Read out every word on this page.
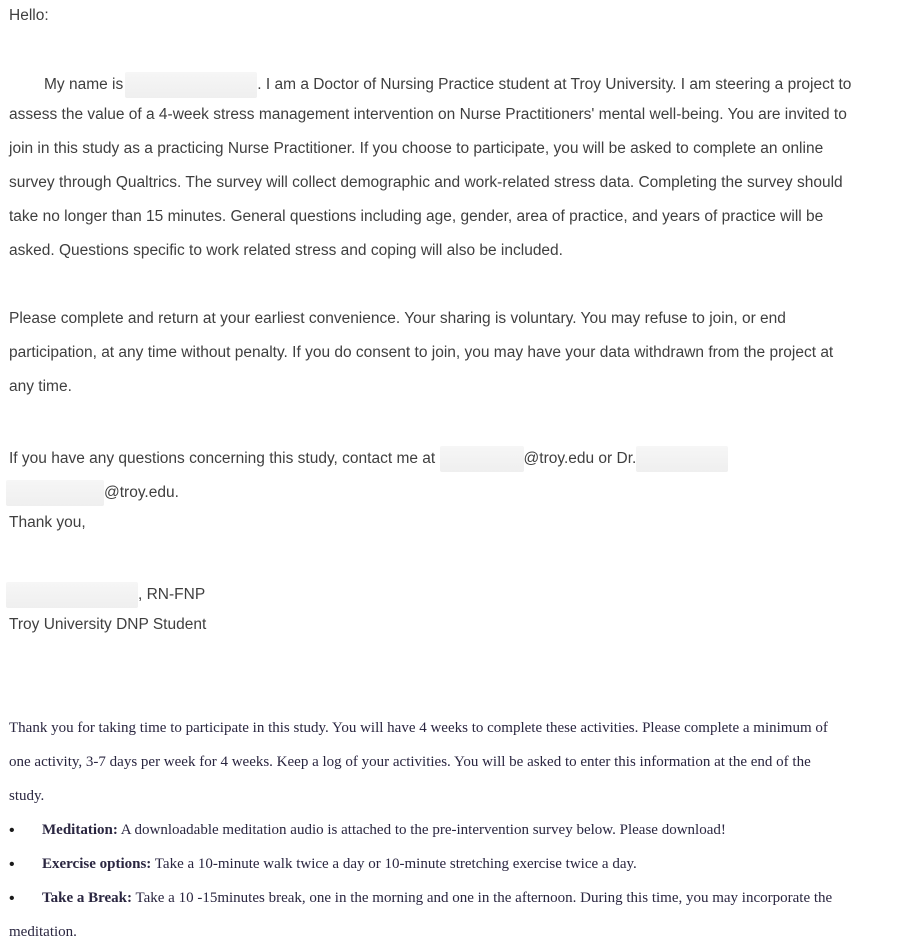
Hello:
My name is	. I am a Doctor of Nursing Practice student at Troy University. I am steering a project to
assess the value of a 4-week stress management intervention on Nurse Practitioners' mental well-being. You are invited to
join in this study as a practicing Nurse Practitioner. If you choose to participate, you will be asked to complete an online
survey through Qualtrics. The survey will collect demographic and work-related stress data. Completing the survey should
take no longer than 15 minutes. General questions including age, gender, area of practice, and years of practice will be
asked. Questions specific to work related stress and coping will also be included.
Please complete and return at your earliest convenience. Your sharing is voluntary. You may refuse to join, or end
participation, at any time without penalty. If you do consent to join, you may have your data withdrawn from the project at
any time.
If you have any questions concerning this study, contact me at	@troy.edu or Dr.
@troy.edu.
Thank you,
, RN-FNP
Troy University DNP Student
Thank you for taking time to participate in this study. You will have 4 weeks to complete these activities. Please complete a minimum of
one activity, 3-7 days per week for 4 weeks. Keep a log of your activities. You will be asked to enter this information at the end of the
study.
• Meditation: A downloadable meditation audio is attached to the pre-intervention survey below. Please download!
• Exercise options: Take a 10-minute walk twice a day or 10-minute stretching exercise twice a day.
• Take a Break: Take a 10 -15minutes break, one in the morning and one in the afternoon. During this time, you may incorporate the
meditation.
